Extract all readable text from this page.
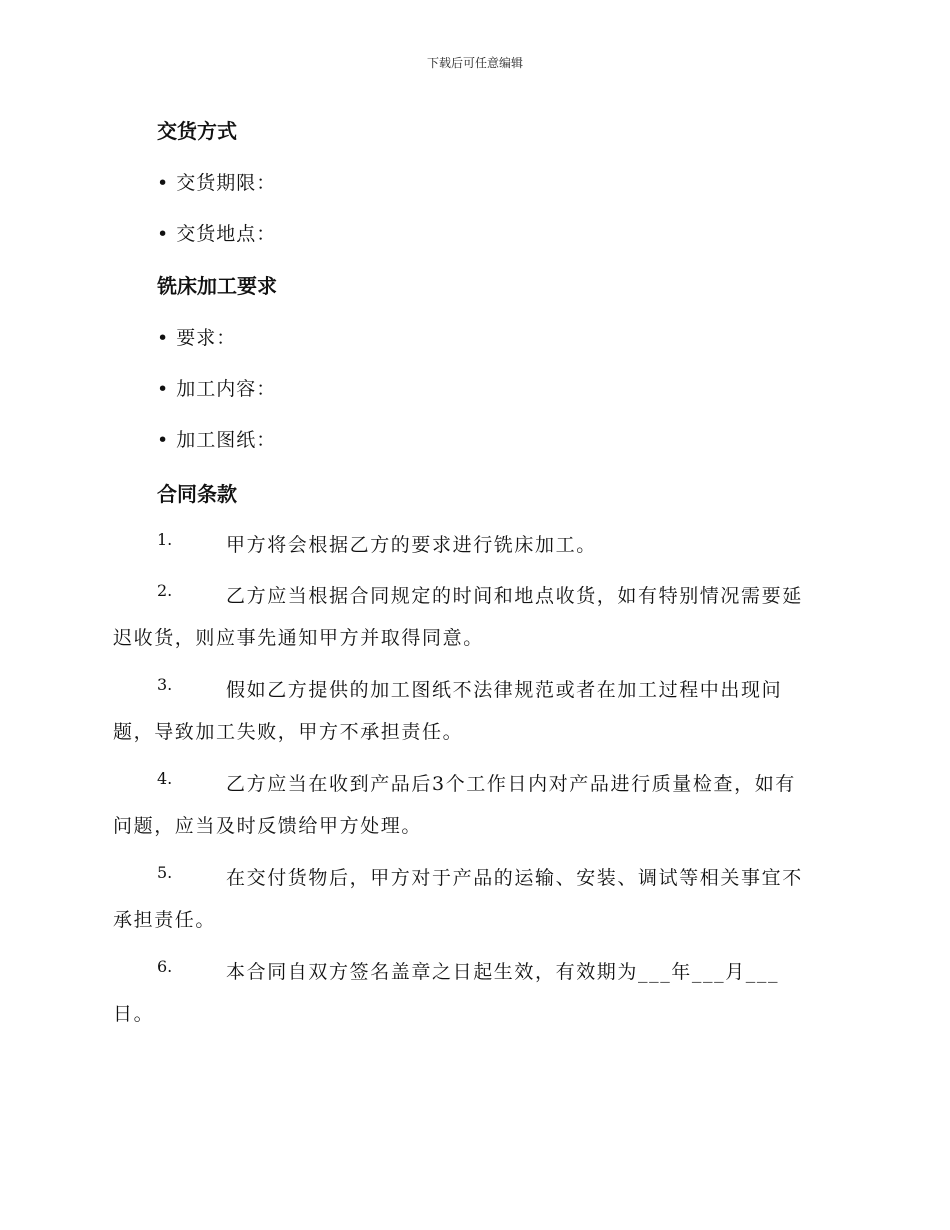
下载后可任意编辑
交货方式
• 交货期限：
• 交货地点：
铣床加工要求
• 要求：
• 加工内容：
• 加工图纸：
合同条款
1.	甲方将会根据乙方的要求进行铣床加工。
2.	乙方应当根据合同规定的时间和地点收货，如有特别情况需要延
迟收货，则应事先通知甲方并取得同意。
3.	假如乙方提供的加工图纸不法律规范或者在加工过程中出现问
题，导致加工失败，甲方不承担责任。
4.	乙方应当在收到产品后3个工作日内对产品进行质量检查，如有
问题，应当及时反馈给甲方处理。
5.	在交付货物后，甲方对于产品的运输、安装、调试等相关事宜不
承担责任。
6.	本合同自双方签名盖章之日起生效，有效期为___年___月___
日。
